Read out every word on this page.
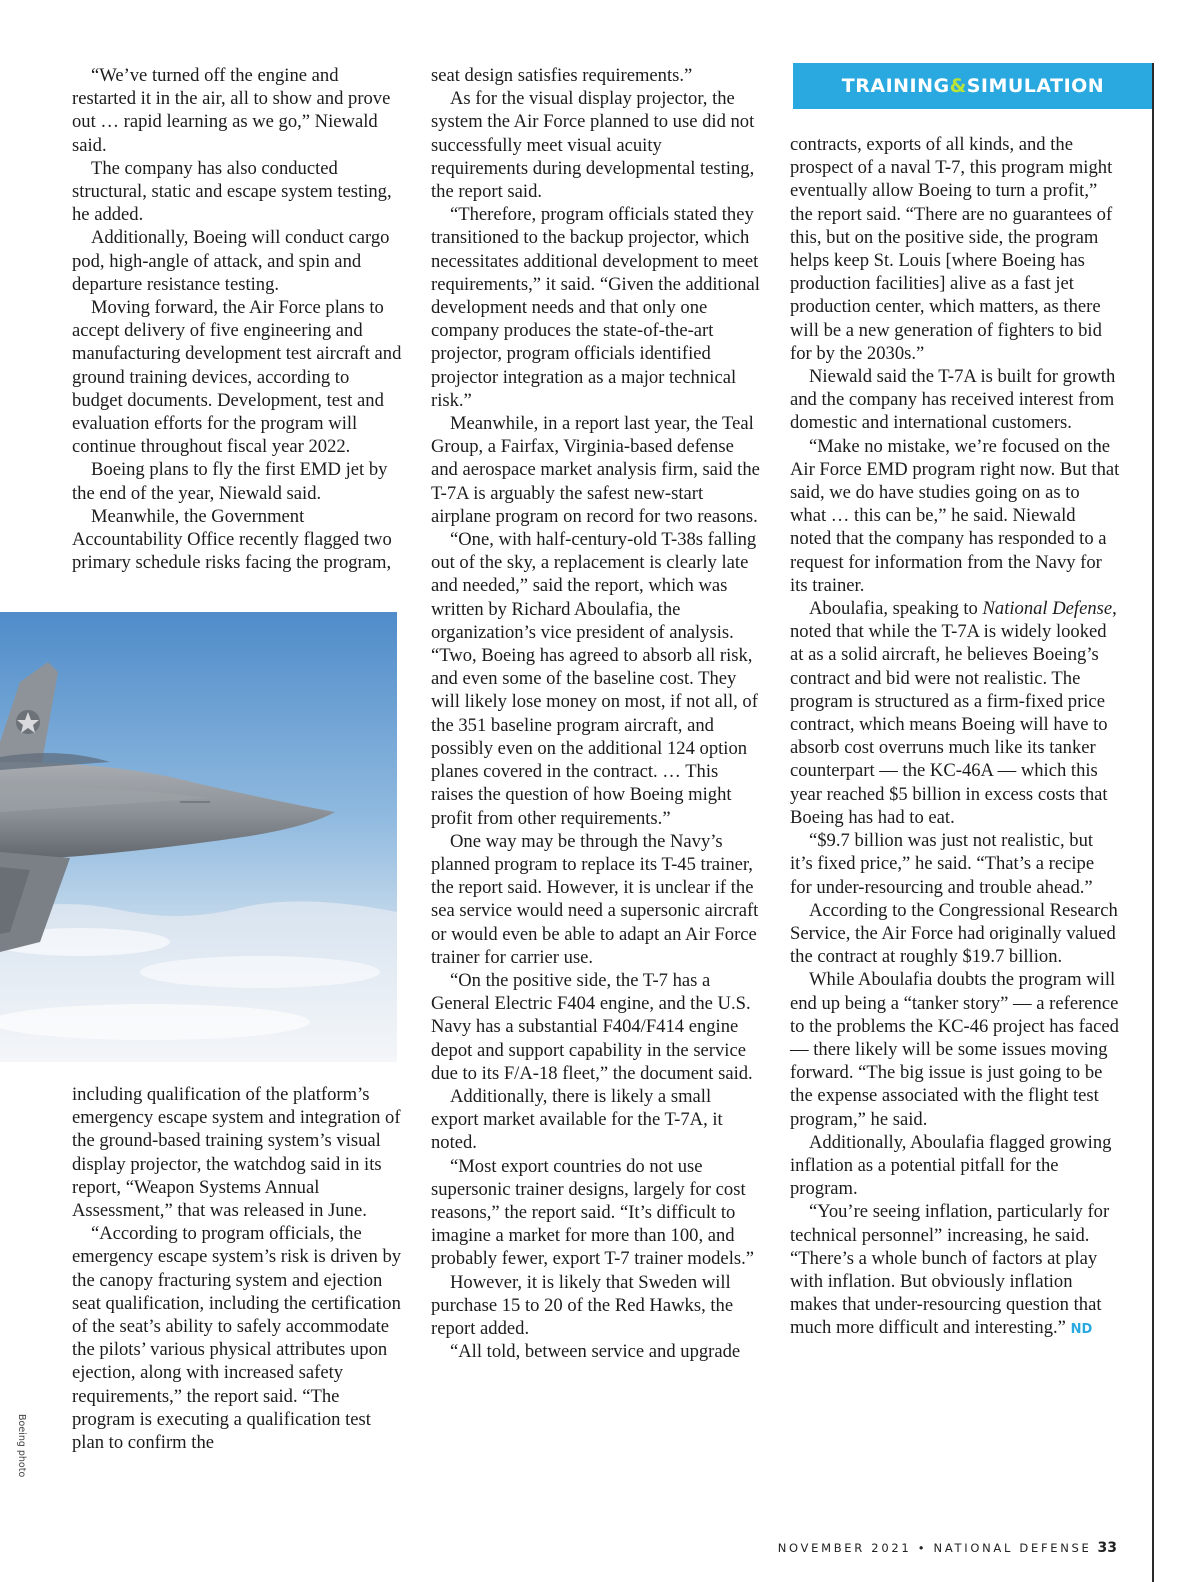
TRAINING & SIMULATION

“We’ve turned off the engine and restarted it in the air, all to show and prove out … rapid learning as we go,” Niewald said.

The company has also conducted structural, static and escape system testing, he added.

Additionally, Boeing will conduct cargo pod, high-angle of attack, and spin and departure resistance testing.

Moving forward, the Air Force plans to accept delivery of five engineering and manufacturing development test aircraft and ground training devices, according to budget documents. Development, test and evaluation efforts for the program will continue throughout fiscal year 2022.

Boeing plans to fly the first EMD jet by the end of the year, Niewald said.

Meanwhile, the Government Accountability Office recently flagged two primary schedule risks facing the program,

Boeing photo

including qualification of the platform’s emergency escape system and integration of the ground-based training system’s visual display projector, the watchdog said in its report, “Weapon Systems Annual Assessment,” that was released in June.

“According to program officials, the emergency escape system’s risk is driven by the canopy fracturing system and ejection seat qualification, including the certification of the seat’s ability to safely accommodate the pilots’ various physical attributes upon ejection, along with increased safety requirements,” the report said. “The program is executing a qualification test plan to confirm the

seat design satisfies requirements.”

As for the visual display projector, the system the Air Force planned to use did not successfully meet visual acuity requirements during developmental testing, the report said.

“Therefore, program officials stated they transitioned to the backup projector, which necessitates additional development to meet requirements,” it said. “Given the additional development needs and that only one company produces the state-of-the-art projector, program officials identified projector integration as a major technical risk.”

Meanwhile, in a report last year, the Teal Group, a Fairfax, Virginia-based defense and aerospace market analysis firm, said the T-7A is arguably the safest new-start airplane program on record for two reasons.

“One, with half-century-old T-38s falling out of the sky, a replacement is clearly late and needed,” said the report, which was written by Richard Aboulafia, the organization’s vice president of analysis. “Two, Boeing has agreed to absorb all risk, and even some of the baseline cost. They will likely lose money on most, if not all, of the 351 baseline program aircraft, and possibly even on the additional 124 option planes covered in the contract. … This raises the question of how Boeing might profit from other requirements.”

One way may be through the Navy’s planned program to replace its T-45 trainer, the report said. However, it is unclear if the sea service would need a supersonic aircraft or would even be able to adapt an Air Force trainer for carrier use.

“On the positive side, the T-7 has a General Electric F404 engine, and the U.S. Navy has a substantial F404/F414 engine depot and support capability in the service due to its F/A-18 fleet,” the document said.

Additionally, there is likely a small export market available for the T-7A, it noted.

“Most export countries do not use supersonic trainer designs, largely for cost reasons,” the report said. “It’s difficult to imagine a market for more than 100, and probably fewer, export T-7 trainer models.”

However, it is likely that Sweden will purchase 15 to 20 of the Red Hawks, the report added.

“All told, between service and upgrade

contracts, exports of all kinds, and the prospect of a naval T-7, this program might eventually allow Boeing to turn a profit,” the report said. “There are no guarantees of this, but on the positive side, the program helps keep St. Louis [where Boeing has production facilities] alive as a fast jet production center, which matters, as there will be a new generation of fighters to bid for by the 2030s.”

Niewald said the T-7A is built for growth and the company has received interest from domestic and international customers.

“Make no mistake, we’re focused on the Air Force EMD program right now. But that said, we do have studies going on as to what … this can be,” he said. Niewald noted that the company has responded to a request for information from the Navy for its trainer.

Aboulafia, speaking to National Defense, noted that while the T-7A is widely looked at as a solid aircraft, he believes Boeing’s contract and bid were not realistic. The program is structured as a firm-fixed price contract, which means Boeing will have to absorb cost overruns much like its tanker counterpart — the KC-46A — which this year reached $5 billion in excess costs that Boeing has had to eat.

“$9.7 billion was just not realistic, but it’s fixed price,” he said. “That’s a recipe for under-resourcing and trouble ahead.”

According to the Congressional Research Service, the Air Force had originally valued the contract at roughly $19.7 billion.

While Aboulafia doubts the program will end up being a “tanker story” — a reference to the problems the KC-46 project has faced — there likely will be some issues moving forward. “The big issue is just going to be the expense associated with the flight test program,” he said.

Additionally, Aboulafia flagged growing inflation as a potential pitfall for the program.

“You’re seeing inflation, particularly for technical personnel” increasing, he said. “There’s a whole bunch of factors at play with inflation. But obviously inflation makes that under-resourcing question that much more difficult and interesting.” ND

NOVEMBER 2021 • NATIONAL DEFENSE 33
